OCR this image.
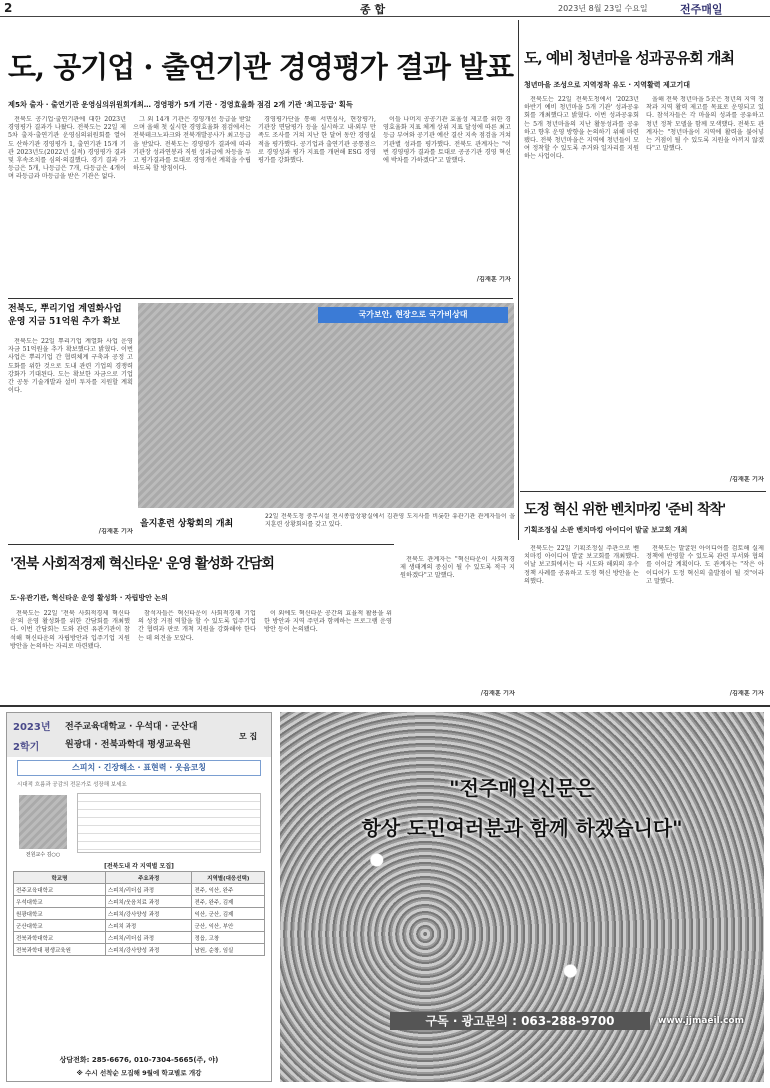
2	종 합	2023년 8월 23일 수요일	전주매일
도, 공기업 · 출연기관 경영평가 결과 발표
제5차 출자 · 출연기관 운영심의위원회개최… 경영평가 5개 기관 · 경영효율화 점검 2개 기관 '최고등급' 획득

전북도 공기업·출연기관에 대한 2023년 경영평가 결과가 나왔다. 전북도는 22일 제5차 출자·출연기관 운영심의위원회를 열어 도 산하기관 경영평가 1, 출연기관 15개 기관 2023년도(2022년 실적) 경영평가 결과 및 후속조치를 심의·의결했다. 경기 결과 가등급은 5개, 나등급은 7개, 다등급은 4개이며 라등급과 마등급을 받은 기관은 없다.

그 외 14개 기관은 경영개선 등급을 받았으며 올해 첫 실시한 경영효율화 점검에서는 전북테크노파크와 전북개발공사가 최고등급을 받았다. 전북도는 경영평가 결과에 따라 기관장 성과연봉과 직원 성과급에 차등을 두고 평가결과를 토대로 경영개선 계획을 수립하도록 할 방침이다.

경영평가단을 통해 서면심사, 현장평가, 기관장 면담평가 등을 실시하고 내·외부 만족도 조사를 거쳐 지난 한 달여 동안 경영실적을 평가했다. 공기업과 출연기관 공통점으로 경영성과 평가 지표를 개편해 ESG 경영 평가를 강화했다.

이들 나머지 공공기관 효율성 제고를 위한 경영효율화 지표 체계 상위 지표 달성에 따른 최고 등급 부여와 공기관 예산 결산 지속 점검을 거쳐 기관별 성과를 평가했다. 전북도 관계자는 "이번 경영평가 결과를 토대로 공공기관 경영 혁신에 박차를 가하겠다"고 말했다.

/김재훈 기자
도, 예비 청년마을 성과공유회 개최
청년마을 조성으로 지역정착 유도 · 지역활력 제고기대

전북도는 22일 전북도청에서 '2023년 하반기 예비 청년마을 5개 기관' 성과공유회를 개최했다고 밝혔다. 이번 성과공유회는 5개 청년마을의 지난 활동성과를 공유하고 향후 운영 방향을 논의하기 위해 마련됐다. 전북 청년마을은 지역에 청년들이 모여 정착할 수 있도록 주거와 일자리를 지원하는 사업이다.

올해 전북 청년마을 5곳은 청년의 지역 정착과 지역 활력 제고를 목표로 운영되고 있다. 참석자들은 각 마을의 성과를 공유하고 청년 정착 모델을 함께 모색했다. 전북도 관계자는 "청년마을이 지역에 활력을 불어넣는 거점이 될 수 있도록 지원을 아끼지 않겠다"고 말했다.

/김재훈 기자
전북도, 뿌리기업 계열화사업 운영 지금 51억원 추가 확보

전북도는 22일 뿌리기업 계열화 사업 운영자금 51억원을 추가 확보했다고 밝혔다. 이번 사업은 뿌리기업 간 협력체계 구축과 공정 고도화를 위한 것으로 도내 관련 기업의 경쟁력 강화가 기대된다. 도는 확보한 자금으로 기업 간 공동 기술개발과 설비 투자를 지원할 계획이다.

/김재훈 기자
국가보안, 현장으로 국가비상대
을지훈련 상황회의 개최
22일 전북도청 중무시설 전시종합상황실에서 김관영 도지사를 비롯한 유관기관 관계자들이 을지훈련 상황회의를 갖고 있다.
도정 혁신 위한 벤치마킹 '준비 착착'
기획조정실 소관 벤치마킹 아이디어 발굴 보고회 개최

전북도는 22일 기획조정실 주관으로 벤치마킹 아이디어 발굴 보고회를 개최했다. 이날 보고회에서는 타 시도와 해외의 우수 정책 사례를 공유하고 도정 혁신 방안을 논의했다.

전북도는 발굴된 아이디어를 검토해 실제 정책에 반영할 수 있도록 관련 부서와 협의를 이어갈 계획이다. 도 관계자는 "작은 아이디어가 도정 혁신의 출발점이 될 것"이라고 말했다.

/김재훈 기자
'전북 사회적경제 혁신타운' 운영 활성화 간담회
도·유관기관, 혁신타운 운영 활성화 · 자립방안 논의

전북도는 22일 '전북 사회적경제 혁신타운'의 운영 활성화를 위한 간담회를 개최했다. 이번 간담회는 도와 관련 유관기관이 참석해 혁신타운의 자립방안과 입주기업 지원 방안을 논의하는 자리로 마련됐다.

참석자들은 혁신타운이 사회적경제 기업의 성장 거점 역할을 할 수 있도록 입주기업 간 협력과 판로 개척 지원을 강화해야 한다는 데 의견을 모았다.

이 외에도 혁신타운 공간의 효율적 활용을 위한 방안과 지역 주민과 함께하는 프로그램 운영 방안 등이 논의됐다.

전북도 관계자는 "혁신타운이 사회적경제 생태계의 중심이 될 수 있도록 적극 지원하겠다"고 말했다.

/김재훈 기자
2023년
2학기
전주교육대학교 · 우석대 · 군산대
원광대 · 전북과학대 평생교육원
모 집
스피치 · 긴장해소 · 표현력 · 웃음코칭
시대적 흐름과 공감의 전문가로 성장해 보세요
전원교수 김○○
[전북도내 각 지역별 모집]
학교명	주요과정	지역별(대응선택)
전주교육대학교	스피치/리더십 과정	전주, 익산, 완주
우석대학교	스피치/웃음치료 과정	전주, 완주, 김제
원광대학교	스피치/강사양성 과정	익산, 군산, 김제
군산대학교	스피치 과정	군산, 익산, 부안
전북과학대학교	스피치/리더십 과정	정읍, 고창
전북과학대 평생교육원	스피치/강사양성 과정	남원, 순창, 임실
상담전화: 285-6676, 010-7304-5665(주, 야)
※ 수시 선착순 모집해 9월에 학교별로 개강
"전주매일신문은
항상 도민여러분과 함께 하겠습니다"
구독 · 광고문의 : 063-288-9700	www.jjmaeil.com
